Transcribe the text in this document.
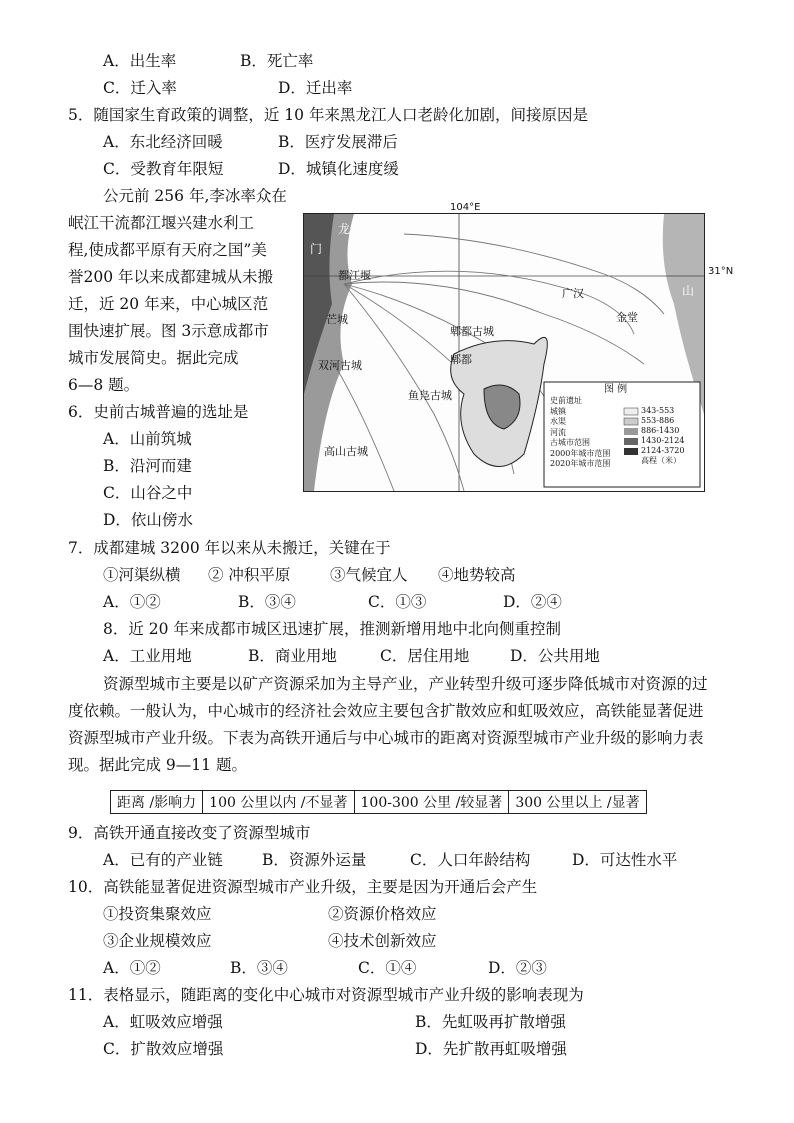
A．出生率	B．死亡率
C．迁入率	D．迁出率
5．随国家生育政策的调整，近 10 年来黑龙江人口老龄化加剧，间接原因是
A．东北经济回暖	B．医疗发展滞后
C．受教育年限短	D．城镇化速度缓
公元前 256 年,李冰率众在
岷江干流都江堰兴建水利工
程,使成都平原有天府之国”美
誉200 年以来成都建城从未搬
迁，近 20 年来，中心城区范
围快速扩展。图 3示意成都市
城市发展简史。据此完成
6—8 题。
6．史前古城普遍的选址是
A．山前筑城
B．沿河而建
C．山谷之中
D．依山傍水
7．成都建城 3200 年以来从未搬迁，关键在于
①河渠纵横 ② 冲积平原	③气候宜人 ④地势较高
A．①②	B．③④	C．①③	D．②④
8．近 20 年来成都市城区迅速扩展，推测新增用地中北向侧重控制
A．工业用地	B．商业用地	C．居住用地	D．公共用地
资源型城市主要是以矿产资源采加为主导产业，产业转型升级可逐步降低城市对资源的过
度依赖。一般认为，中心城市的经济社会效应主要包含扩散效应和虹吸效应，高铁能显著促进
资源型城市产业升级。下表为高铁开通后与中心城市的距离对资源型城市产业升级的影响力表
现。据此完成 9—11 题。
9．高铁开通直接改变了资源型城市
A．已有的产业链	B．资源外运量	C．人口年龄结构	D．可达性水平
10．高铁能显著促进资源型城市产业升级，主要是因为开通后会产生
①投资集聚效应	②资源价格效应
③企业规模效应	④技术创新效应
A．①②	B．③④	C．①④	D．②③
11．表格显示，随距离的变化中心城市对资源型城市产业升级的影响表现为
A．虹吸效应增强	B．先虹吸再扩散增强
C．扩散效应增强	D．先扩散再虹吸增强
104°E
31°N
龙
门
山
都江堰
广汉
金堂
芒城
郫都古城
郫都
双河古城
鱼凫古城
高山古城
图 例
史前遗址
城镇
水渠
河流
古城市范围
2000年城市范围
2020年城市范围
343-553
553-886
886-1430
1430-2124
2124-3720
高程（米）
距离 /影响力	100 公里以内 /不显著	100-300 公里 /较显著	300 公里以上 /显著
